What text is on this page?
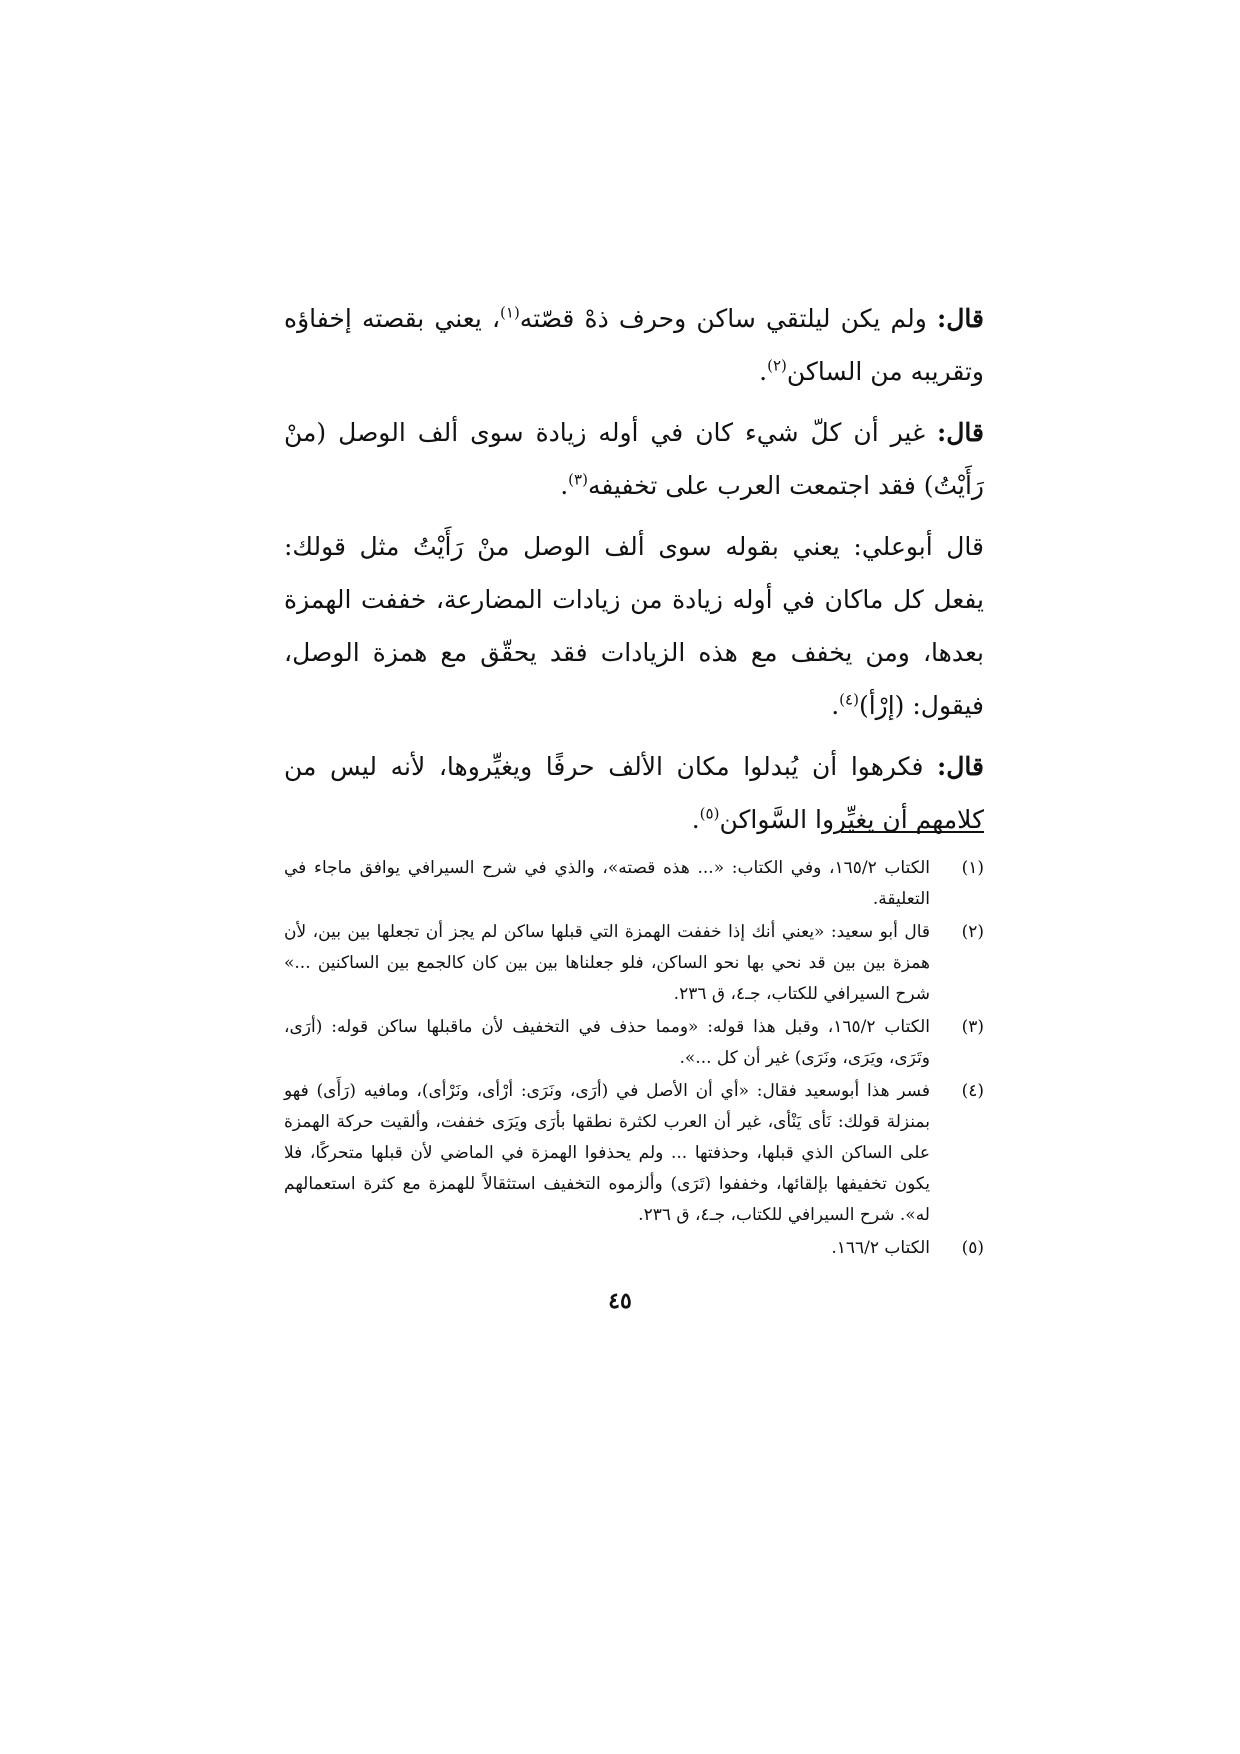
قال: ولم يكن ليلتقي ساكن وحرف ذهْ قصّته$^{(١)}$، يعني بقصته إخفاؤه وتقريبه من الساكن$^{(٢)}$.

قال: غير أن كلّ شيء كان في أوله زيادة سوى ألف الوصل (منْ رَأَيْتُ) فقد اجتمعت العرب على تخفيفه$^{(٣)}$.

قال أبوعلي: يعني بقوله سوى ألف الوصل منْ رَأَيْتُ مثل قولك: يفعل كل ماكان في أوله زيادة من زيادات المضارعة، خففت الهمزة بعدها، ومن يخفف مع هذه الزيادات فقد يحقّق مع همزة الوصل، فيقول: (إرْأ)$^{(٤)}$.

قال: فكرهوا أن يُبدلوا مكان الألف حرفًا ويغيِّروها، لأنه ليس من كلامهم أن يغيِّروا السَّواكن$^{(٥)}$.

(١)
الكتاب ١٦٥/٢، وفي الكتاب: «... هذه قصته»، والذي في شرح السيرافي يوافق ماجاء في التعليقة.
(٢)
قال أبو سعيد: «يعني أنك إذا خففت الهمزة التي قبلها ساكن لم يجز أن تجعلها بين بين، لأن همزة بين بين قد نحي بها نحو الساكن، فلو جعلناها بين بين كان كالجمع بين الساكنين ...» شرح السيرافي للكتاب، جـ٤، ق ٢٣٦.
(٣)
الكتاب ١٦٥/٢، وقبل هذا قوله: «ومما حذف في التخفيف لأن ماقبلها ساكن قوله: (أرَى، وتَرَى، ويَرَى، ونَرَى) غير أن كل ...».
(٤)
فسر هذا أبوسعيد فقال: «أي أن الأصل في (أرَى، ونَرَى: أرْأى، ونَرْأى)، ومافيه (رَأَى) فهو بمنزلة قولك: نَأى يَنْأى، غير أن العرب لكثرة نطقها بأرَى ويَرَى خففت، وألقيت حركة الهمزة على الساكن الذي قبلها، وحذفتها ... ولم يحذفوا الهمزة في الماضي لأن قبلها متحركًا، فلا يكون تخفيفها بإلقائها، وخففوا (تَرَى) وألزموه التخفيف استثقالاً للهمزة مع كثرة استعمالهم له». شرح السيرافي للكتاب، جـ٤، ق ٢٣٦.
(٥)
الكتاب ١٦٦/٢.
٤٥
